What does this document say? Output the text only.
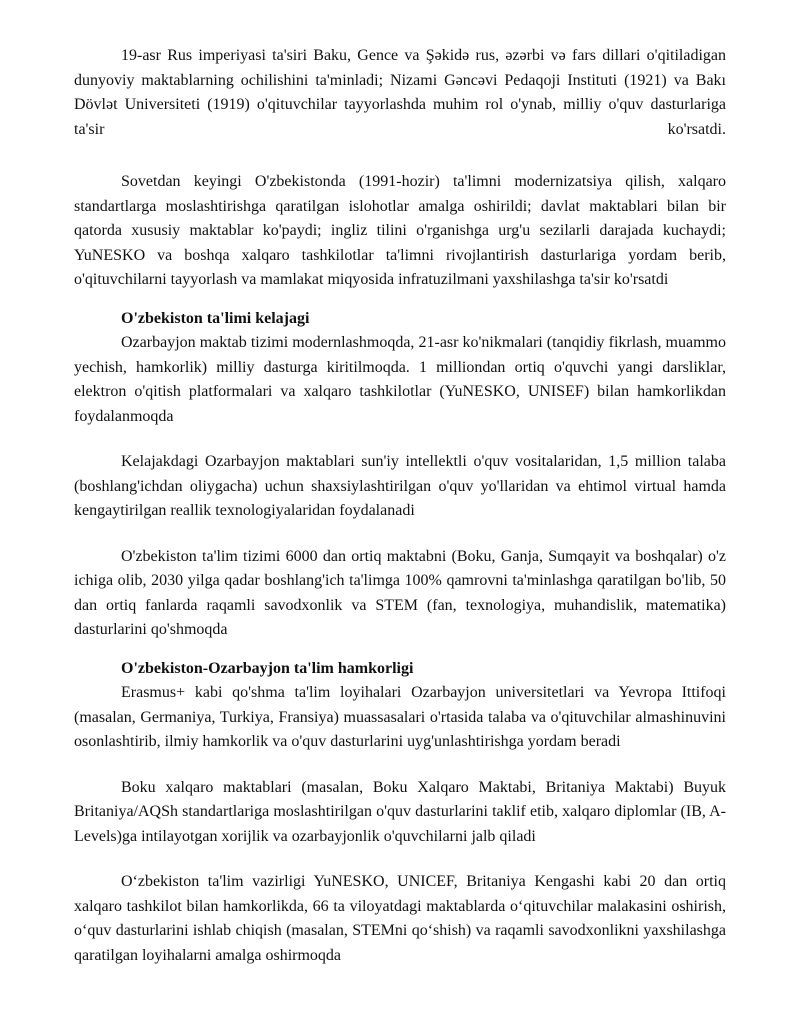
19-asr Rus imperiyasi ta'siri Baku, Gence va Şəkidə rus, əzərbi və fars dillari o'qitiladigan dunyoviy maktablarning ochilishini ta'minladi; Nizami Gəncəvi Pedaqoji Instituti (1921) va Bakı Dövlət Universiteti (1919) o'qituvchilar tayyorlashda muhim rol o'ynab, milliy o'quv dasturlariga ta'sir ko'rsatdi.

Sovetdan keyingi O'zbekistonda (1991-hozir) ta'limni modernizatsiya qilish, xalqaro standartlarga moslashtirishga qaratilgan islohotlar amalga oshirildi; davlat maktablari bilan bir qatorda xususiy maktablar ko'paydi; ingliz tilini o'rganishga urg'u sezilarli darajada kuchaydi; YuNESKO va boshqa xalqaro tashkilotlar ta'limni rivojlantirish dasturlariga yordam berib, o'qituvchilarni tayyorlash va mamlakat miqyosida infratuzilmani yaxshilashga ta'sir ko'rsatdi

O'zbekiston ta'limi kelajagi

Ozarbayjon maktab tizimi modernlashmoqda, 21-asr ko'nikmalari (tanqidiy fikrlash, muammo yechish, hamkorlik) milliy dasturga kiritilmoqda. 1 milliondan ortiq o'quvchi yangi darsliklar, elektron o'qitish platformalari va xalqaro tashkilotlar (YuNESKO, UNISEF) bilan hamkorlikdan foydalanmoqda

Kelajakdagi Ozarbayjon maktablari sun'iy intellektli o'quv vositalaridan, 1,5 million talaba (boshlang'ichdan oliygacha) uchun shaxsiylashtirilgan o'quv yo'llaridan va ehtimol virtual hamda kengaytirilgan reallik texnologiyalaridan foydalanadi

O'zbekiston ta'lim tizimi 6000 dan ortiq maktabni (Boku, Ganja, Sumqayit va boshqalar) o'z ichiga olib, 2030 yilga qadar boshlang'ich ta'limga 100% qamrovni ta'minlashga qaratilgan bo'lib, 50 dan ortiq fanlarda raqamli savodxonlik va STEM (fan, texnologiya, muhandislik, matematika) dasturlarini qo'shmoqda

O'zbekiston-Ozarbayjon ta'lim hamkorligi

Erasmus+ kabi qo'shma ta'lim loyihalari Ozarbayjon universitetlari va Yevropa Ittifoqi (masalan, Germaniya, Turkiya, Fransiya) muassasalari o'rtasida talaba va o'qituvchilar almashinuvini osonlashtirib, ilmiy hamkorlik va o'quv dasturlarini uyg'unlashtirishga yordam beradi

Boku xalqaro maktablari (masalan, Boku Xalqaro Maktabi, Britaniya Maktabi) Buyuk Britaniya/AQSh standartlariga moslashtirilgan o'quv dasturlarini taklif etib, xalqaro diplomlar (IB, A-Levels)ga intilayotgan xorijlik va ozarbayjonlik o'quvchilarni jalb qiladi

O‘zbekiston ta'lim vazirligi YuNESKO, UNICEF, Britaniya Kengashi kabi 20 dan ortiq xalqaro tashkilot bilan hamkorlikda, 66 ta viloyatdagi maktablarda o‘qituvchilar malakasini oshirish, o‘quv dasturlarini ishlab chiqish (masalan, STEMni qo‘shish) va raqamli savodxonlikni yaxshilashga qaratilgan loyihalarni amalga oshirmoqda
